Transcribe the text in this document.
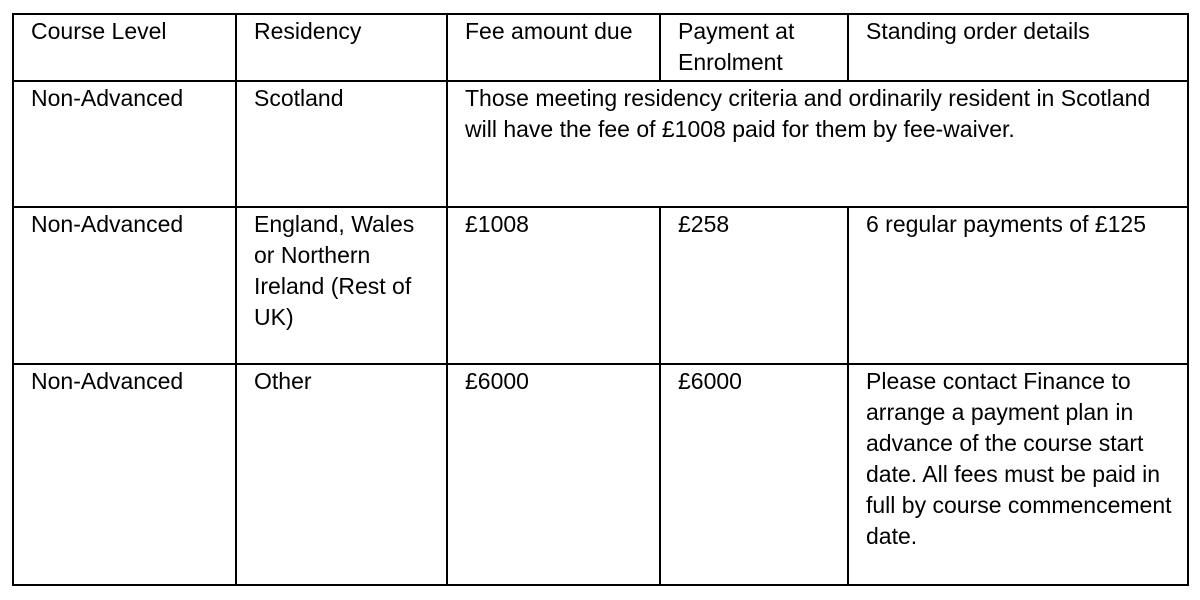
Course Level	Residency	Fee amount due	Payment at Enrolment	Standing order details
Non-Advanced	Scotland	Those meeting residency criteria and ordinarily resident in Scotland will have the fee of £1008 paid for them by fee-waiver.		
Non-Advanced	England, Wales or Northern Ireland (Rest of UK)	£1008	£258	6 regular payments of £125
Non-Advanced	Other	£6000	£6000	Please contact Finance to arrange a payment plan in advance of the course start date. All fees must be paid in full by course commencement date.
